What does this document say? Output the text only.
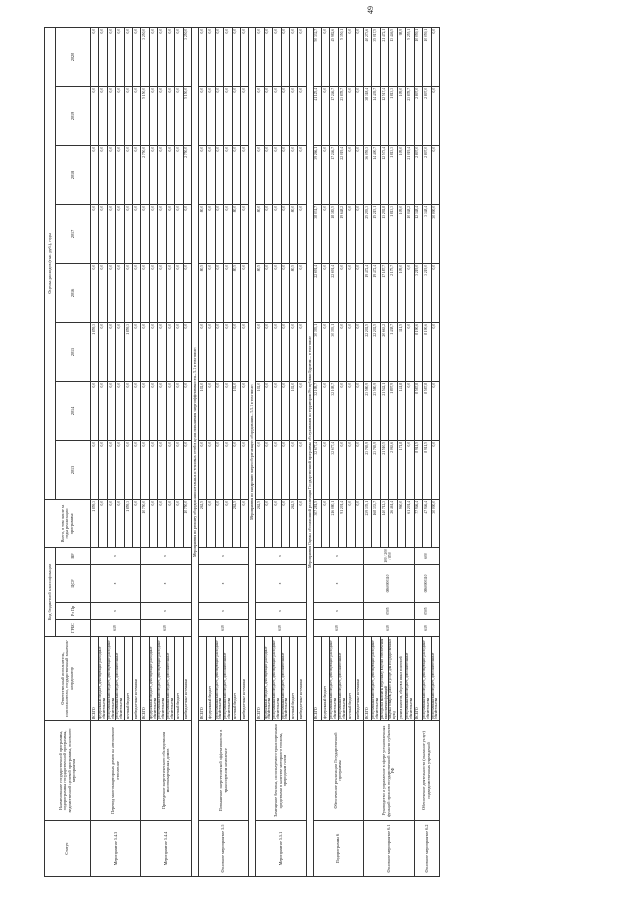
49
Статус	Наименование государственной программы, подпрограммы государственной программы, ведомственной целевой программы, основного мероприятия	Ответственный исполнитель, соисполнители, государственный заказчик-координатор	Код бюджетной классификации				Всего, в том числе за годы реализации программы:	Оценка расходов (тыс. руб.), годы							
			ГРБС	Рз Пр	ЦСР	ВР		2013	2014	2015	2016	2017	2018	2019	2020
Мероприятие 5.4.3	Перевод многоквартирных домов на автономное отопление	ВСЕГО	619	х	х	х	1 859,3	0,0	0,0	1 859,3	0,0	0,0	0,0	0,0	0,0
		федеральный бюджет, действующие расходные обязательства					0,0	0,0	0,0	0,0	0,0	0,0	0,0	0,0	0,0
		республиканский бюджет, действующие расходные обязательства					0,0	0,0	0,0	0,0	0,0	0,0	0,0	0,0	0,0
		республиканский бюджет, дополнительные обязательства					0,0	0,0	0,0	0,0	0,0	0,0	0,0	0,0	0,0
		местный бюджет					1 859,3	0,0	0,0	1 859,3	0,0	0,0	0,0	0,0	0,0
		внебюджетные источники					0,0	0,0	0,0	0,0	0,0	0,0	0,0	0,0	0,0
Мероприятие 5.4.4	Проведение энергетического обследования многоквартирных домов	ВСЕГО	619	х	х	х	10 750,0	0,0	0,0	0,0	0,0	0,0	2 750,0	5 150,0	3 250,0
		федеральный бюджет, действующие расходные обязательства					0,0	0,0	0,0	0,0	0,0	0,0	0,0	0,0	0,0
		республиканский бюджет, действующие расходные обязательства					0,0	0,0	0,0	0,0	0,0	0,0	0,0	0,0	0,0
		республиканский бюджет, дополнительные обязательства					0,0	0,0	0,0	0,0	0,0	0,0	0,0	0,0	0,0
		местный бюджет					0,0	0,0	0,0	0,0	0,0	0,0	0,0	0,0	0,0
		внебюджетные источники					10 750,0	0,0	0,0	0,0	0,0	0,0	2 750,0	5 150,0	3 250,0
Мероприятия по ремонту оборудования котельных и тепловых сетей в целях повышения энергоэффективности... 5.1 в том числе:															
Основное мероприятие 5.5	Повышение энергетической эффективности в транспортном комплексе	ВСЕГО	619	х	х	х	262,5	0,0	102,0	0,0	80,5	80,0	0,0	0,0	0,0
		федеральный бюджет					0,0	0,0	0,0	0,0	0,0	0,0	0,0	0,0	0,0
		республиканский бюджет, действующие расходные обязательства					0,0	0,0	0,0	0,0	0,0	0,0	0,0	0,0	0,0
		республиканский бюджет, дополнительные обязательства					0,0	0,0	0,0	0,0	0,0	0,0	0,0	0,0	0,0
		местный бюджет					262,5	0,0	102,0	0,0	80,5	80,0	0,0	0,0	0,0
		внебюджетные источники					0,0	0,0	0,0	0,0	0,0	0,0	0,0	0,0	0,0
Мероприятия по внедрению энергосберегающего оборудования... 5.5.1 в том числе:															
Мероприятие 5.5.1	Замещение бензина, используемого транспортными средствами в качестве моторного топлива, природным газом	ВСЕГО	619	х	х	х	262,5	0,0	102,0	0,0	80,5	80,0	0,0	0,0	0,0
		федеральный бюджет, действующие расходные обязательства					0,0	0,0	0,0	0,0	0,0	0,0	0,0	0,0	0,0
		республиканский бюджет, действующие расходные обязательства					0,0	0,0	0,0	0,0	0,0	0,0	0,0	0,0	0,0
		республиканский бюджет, дополнительные обязательства					0,0	0,0	0,0	0,0	0,0	0,0	0,0	0,0	0,0
		местный бюджет					262,5	0,0	102,0	0,0	80,5	80,0	0,0	0,0	0,0
		внебюджетные источники					0,0	0,0	0,0	0,0	0,0	0,0	0,0	0,0	0,0
Мероприятия Оценка обоснованной реализации Государственной программы обслуживания на территории Республики Бурятия ... в том числе															
Подпрограмма 6	Обеспечение реализации Государственной программы	ВСЕГО	619	х	х	х	307 281,5	32 677,4	32 108,7	30 393,1	22 691,4	38 031,7	39 266,1	41 125,4	50 332,7
		федеральный бюджет					0,0	0,0	0,0	0,0	0,0	0,0	0,0	0,0	0,0
		республиканский бюджет, действующие расходные обязательства					216 080,1	32 677,4	32 108,7	30 393,1	22 691,4	18 383,5	17 246,7	17 246,7	45 982,6
		республиканский бюджет, дополнительные обязательства					91 201,4	0,0	0,0	0,0	0,0	19 648,2	22 019,4	23 878,7	5 350,1
		местный бюджет					0,0	0,0	0,0	0,0	0,0	0,0	0,0	0,0	0,0
		внебюджетные источники					0,0	0,0	0,0	0,0	0,0	0,0	0,0	0,0	0,0
Основное мероприятие 6.1	Руководство и управление в сфере установленных функций органов государственной власти субъектов РФ	ВСЕГО	619	0505	0860000110	100 / 200 / 850	239 335,1	23 765,9	23 580,9	22 202,5	19 472,4	25 293,3	36 059,3	38 318,4	40 273,6
		республиканский бюджет, действующие расходные обязательства					168 333,7	23 765,9	23 580,9	22 202,5	19 472,4	15 215,1	14 400,7	14 439,7	35 017,5
		расходы на выплаты персоналу в целях обеспечения выполнения функций					140 712,3	21 510,5	21 542,1	20 663,2	17 187,7	13 292,8	12 573,4	12 517,4	21 472,1
		закупка товаров, работ и услуг для государственных нужд					26 461,4	2 063,6	1 897,9	1 438,7	2 175,7	1 813,3	1 813,3	1 813,3	13 446,5
		уплата налогов, сборов и иных платежей					960,0	171,8	141,8	111,5	109,0	109,0	109,0	109,0	98,9
		республиканский бюджет, дополнительные обязательства					61 201,4	0,0	0,0	0,0	0,0	10 048,2	21 019,4	23 878,7	5 255,1
Основное мероприятие 6.2	Обеспечение деятельности (оказание услуг) подведомственных учреждений	ВСЕГО	619	0505	0860000110	600	77 946,4	8 911,5	8 587,8	8 190,6	3 219,0	12 348,4	2 807,0	2 807,0	10 059,1
		республиканский бюджет, действующие расходные обязательства					47 946,4	8 911,5	8 587,8	8 190,6	3 219,0	3 348,4	2 807,0	2 807,0	10 059,1
		республиканский бюджет, дополнительные обязательства					30 000,0	0,0	0,0	0,0	0,0	30 000,0	0,0	0,0	0,0
